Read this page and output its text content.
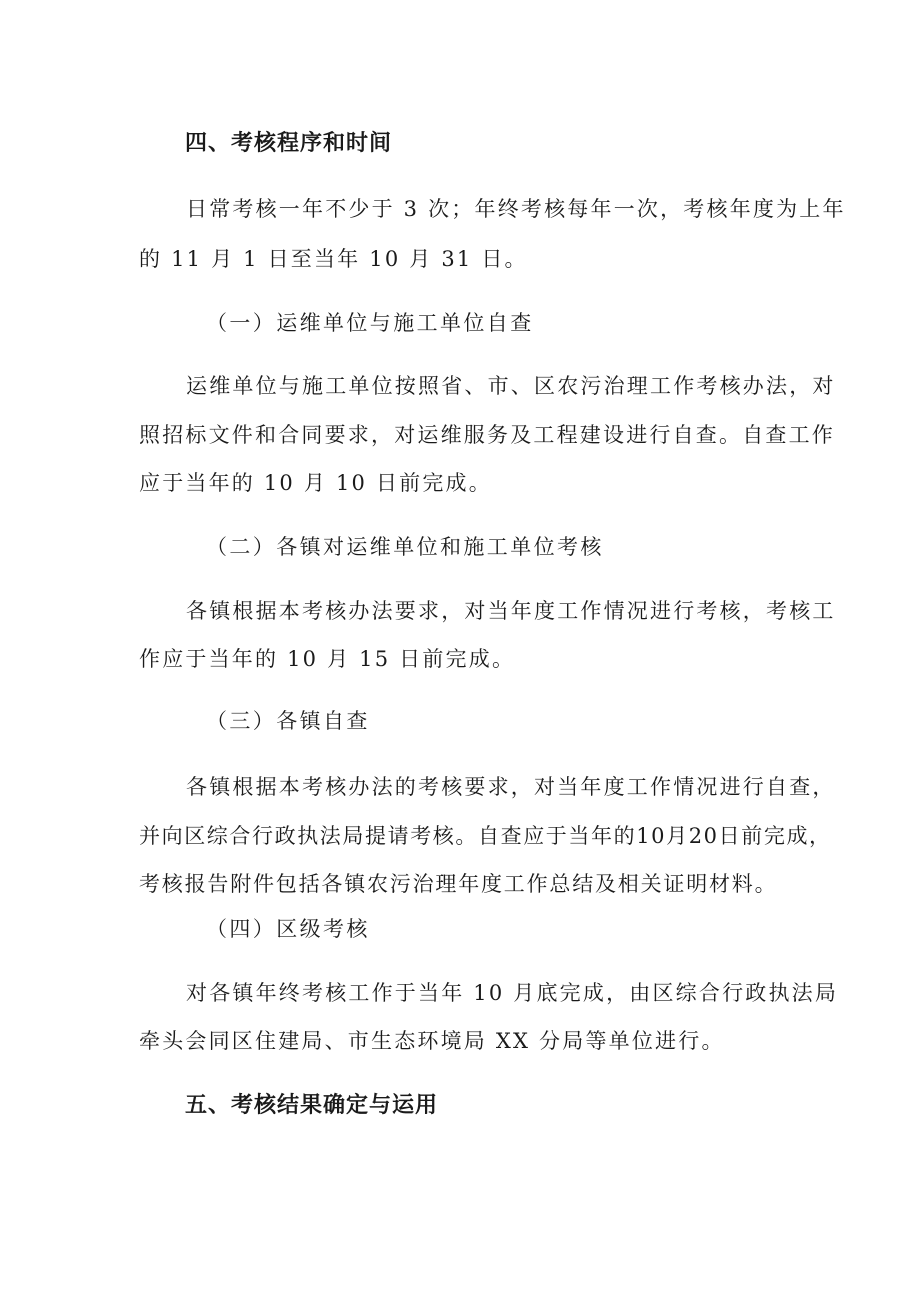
四、考核程序和时间
日常考核一年不少于 3 次；年终考核每年一次，考核年度为上年
的 11 月 1 日至当年 10 月 31 日。
（一）运维单位与施工单位自查
运维单位与施工单位按照省、市、区农污治理工作考核办法，对
照招标文件和合同要求，对运维服务及工程建设进行自查。自查工作
应于当年的 10 月 10 日前完成。
（二）各镇对运维单位和施工单位考核
各镇根据本考核办法要求，对当年度工作情况进行考核，考核工
作应于当年的 10 月 15 日前完成。
（三）各镇自查
各镇根据本考核办法的考核要求，对当年度工作情况进行自查，
并向区综合行政执法局提请考核。自查应于当年的10月20日前完成，
考核报告附件包括各镇农污治理年度工作总结及相关证明材料。
（四）区级考核
对各镇年终考核工作于当年 10 月底完成，由区综合行政执法局
牵头会同区住建局、市生态环境局 XX 分局等单位进行。
五、考核结果确定与运用
